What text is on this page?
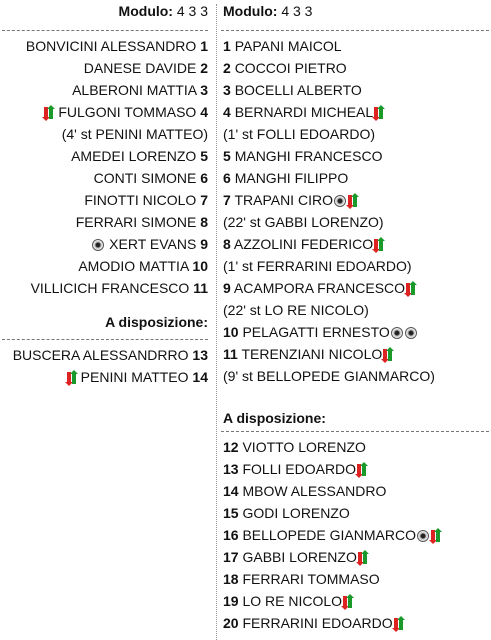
Modulo: 4 3 3
BONVICINI ALESSANDRO 1
DANESE DAVIDE 2
ALBERONI MATTIA 3
FULGONI TOMMASO 4
(4' st PENINI MATTEO)
AMEDEI LORENZO 5
CONTI SIMONE 6
FINOTTI NICOLO 7
FERRARI SIMONE 8
XERT EVANS 9
AMODIO MATTIA 10
VILLICICH FRANCESCO 11
A disposizione:
BUSCERA ALESSANDRRO 13
PENINI MATTEO 14
Modulo: 4 3 3
1 PAPANI MAICOL
2 COCCOI PIETRO
3 BOCELLI ALBERTO
4 BERNARDI MICHEAL
(1' st FOLLI EDOARDO)
5 MANGHI FRANCESCO
6 MANGHI FILIPPO
7 TRAPANI CIRO
(22' st GABBI LORENZO)
8 AZZOLINI FEDERICO
(1' st FERRARINI EDOARDO)
9 ACAMPORA FRANCESCO
(22' st LO RE NICOLO)
10 PELAGATTI ERNESTO
11 TERENZIANI NICOLO
(9' st BELLOPEDE GIANMARCO)
A disposizione:
12 VIOTTO LORENZO
13 FOLLI EDOARDO
14 MBOW ALESSANDRO
15 GODI LORENZO
16 BELLOPEDE GIANMARCO
17 GABBI LORENZO
18 FERRARI TOMMASO
19 LO RE NICOLO
20 FERRARINI EDOARDO
